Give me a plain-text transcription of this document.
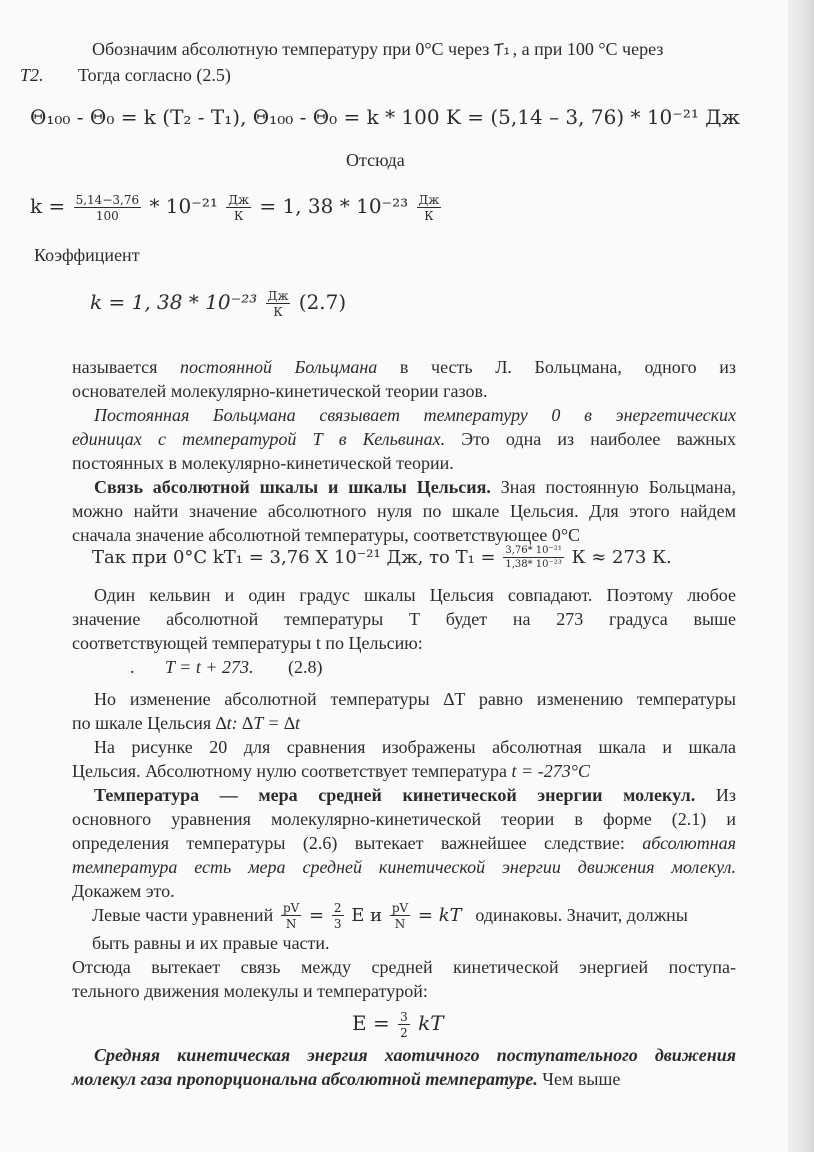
Обозначим абсолютную температуру при 0°С через T₁ , а при 100 °С через
T2. Тогда согласно (2.5)
Θ₁₀₀ - Θ₀ = k (T₂ - T₁), Θ₁₀₀ - Θ₀ = k * 100 K = (5,14 – 3, 76) * 10⁻²¹ Дж
Отсюда
$k = \frac{5,14-3,76}{100} * 10^{-21} \frac{Дж}{К} = 1$, $38 * 10^{-23} \frac{Дж}{К}$
Коэффициент
k = 1, $38 * 10^{-23} \frac{Дж}{К} (2.7)$
называется постоянной Больцмана в честь Л. Больцмана, одного из
основателей молекулярно-кинетической теории газов.
Постоянная Больцмана связывает температуру 0 в энергетических
единицах с температурой Т в Кельвинах. Это одна из наиболее важных
постоянных в молекулярно-кинетической теории.
Связь абсолютной шкалы и шкалы Цельсия. Зная постоянную Больцмана,
можно найти значение абсолютного нуля по шкале Цельсия. Для этого найдем
сначала значение абсолютной температуры, соответствующее 0°С
Так при 0°С kT₁ = 3,76 X 10⁻²¹ Дж, то $T_1 = \frac{\text{3,76* 10⁻²¹}}{\text{1,38* 10⁻²³}}$ К ≈ 273 К.
Один кельвин и один градус шкалы Цельсия совпадают. Поэтому любое
значение абсолютной температуры Т будет на 273 градуса выше
соответствующей температуры t по Цельсию:
. T = t + 273. (2.8)
Но изменение абсолютной температуры ∆T равно изменению температуры
по шкале Цельсия ∆t: ∆T = ∆t
На рисунке 20 для сравнения изображены абсолютная шкала и шкала
Цельсия. Абсолютному нулю соответствует температура t = -273°C
Температура — мера средней кинетической энергии молекул. Из
основного уравнения молекулярно-кинетической теории в форме (2.1) и
определения температуры (2.6) вытекает важнейшее следствие: абсолютная
температура есть мера средней кинетической энергии движения молекул.
Докажем это.
Левые части уравнений $\frac{pV}{N} = \frac{2}{3}$ E и $\frac{pV}{N}$ = kT одинаковы. Значит, должны
быть равны и их правые части.
Отсюда вытекает связь между средней кинетической энергией поступа-
тельного движения молекулы и температурой:
$E = \frac{3}{2}$ kT
Средняя кинетическая энергия хаотичного поступательного движения
молекул газа пропорциональна абсолютной температуре. Чем выше
